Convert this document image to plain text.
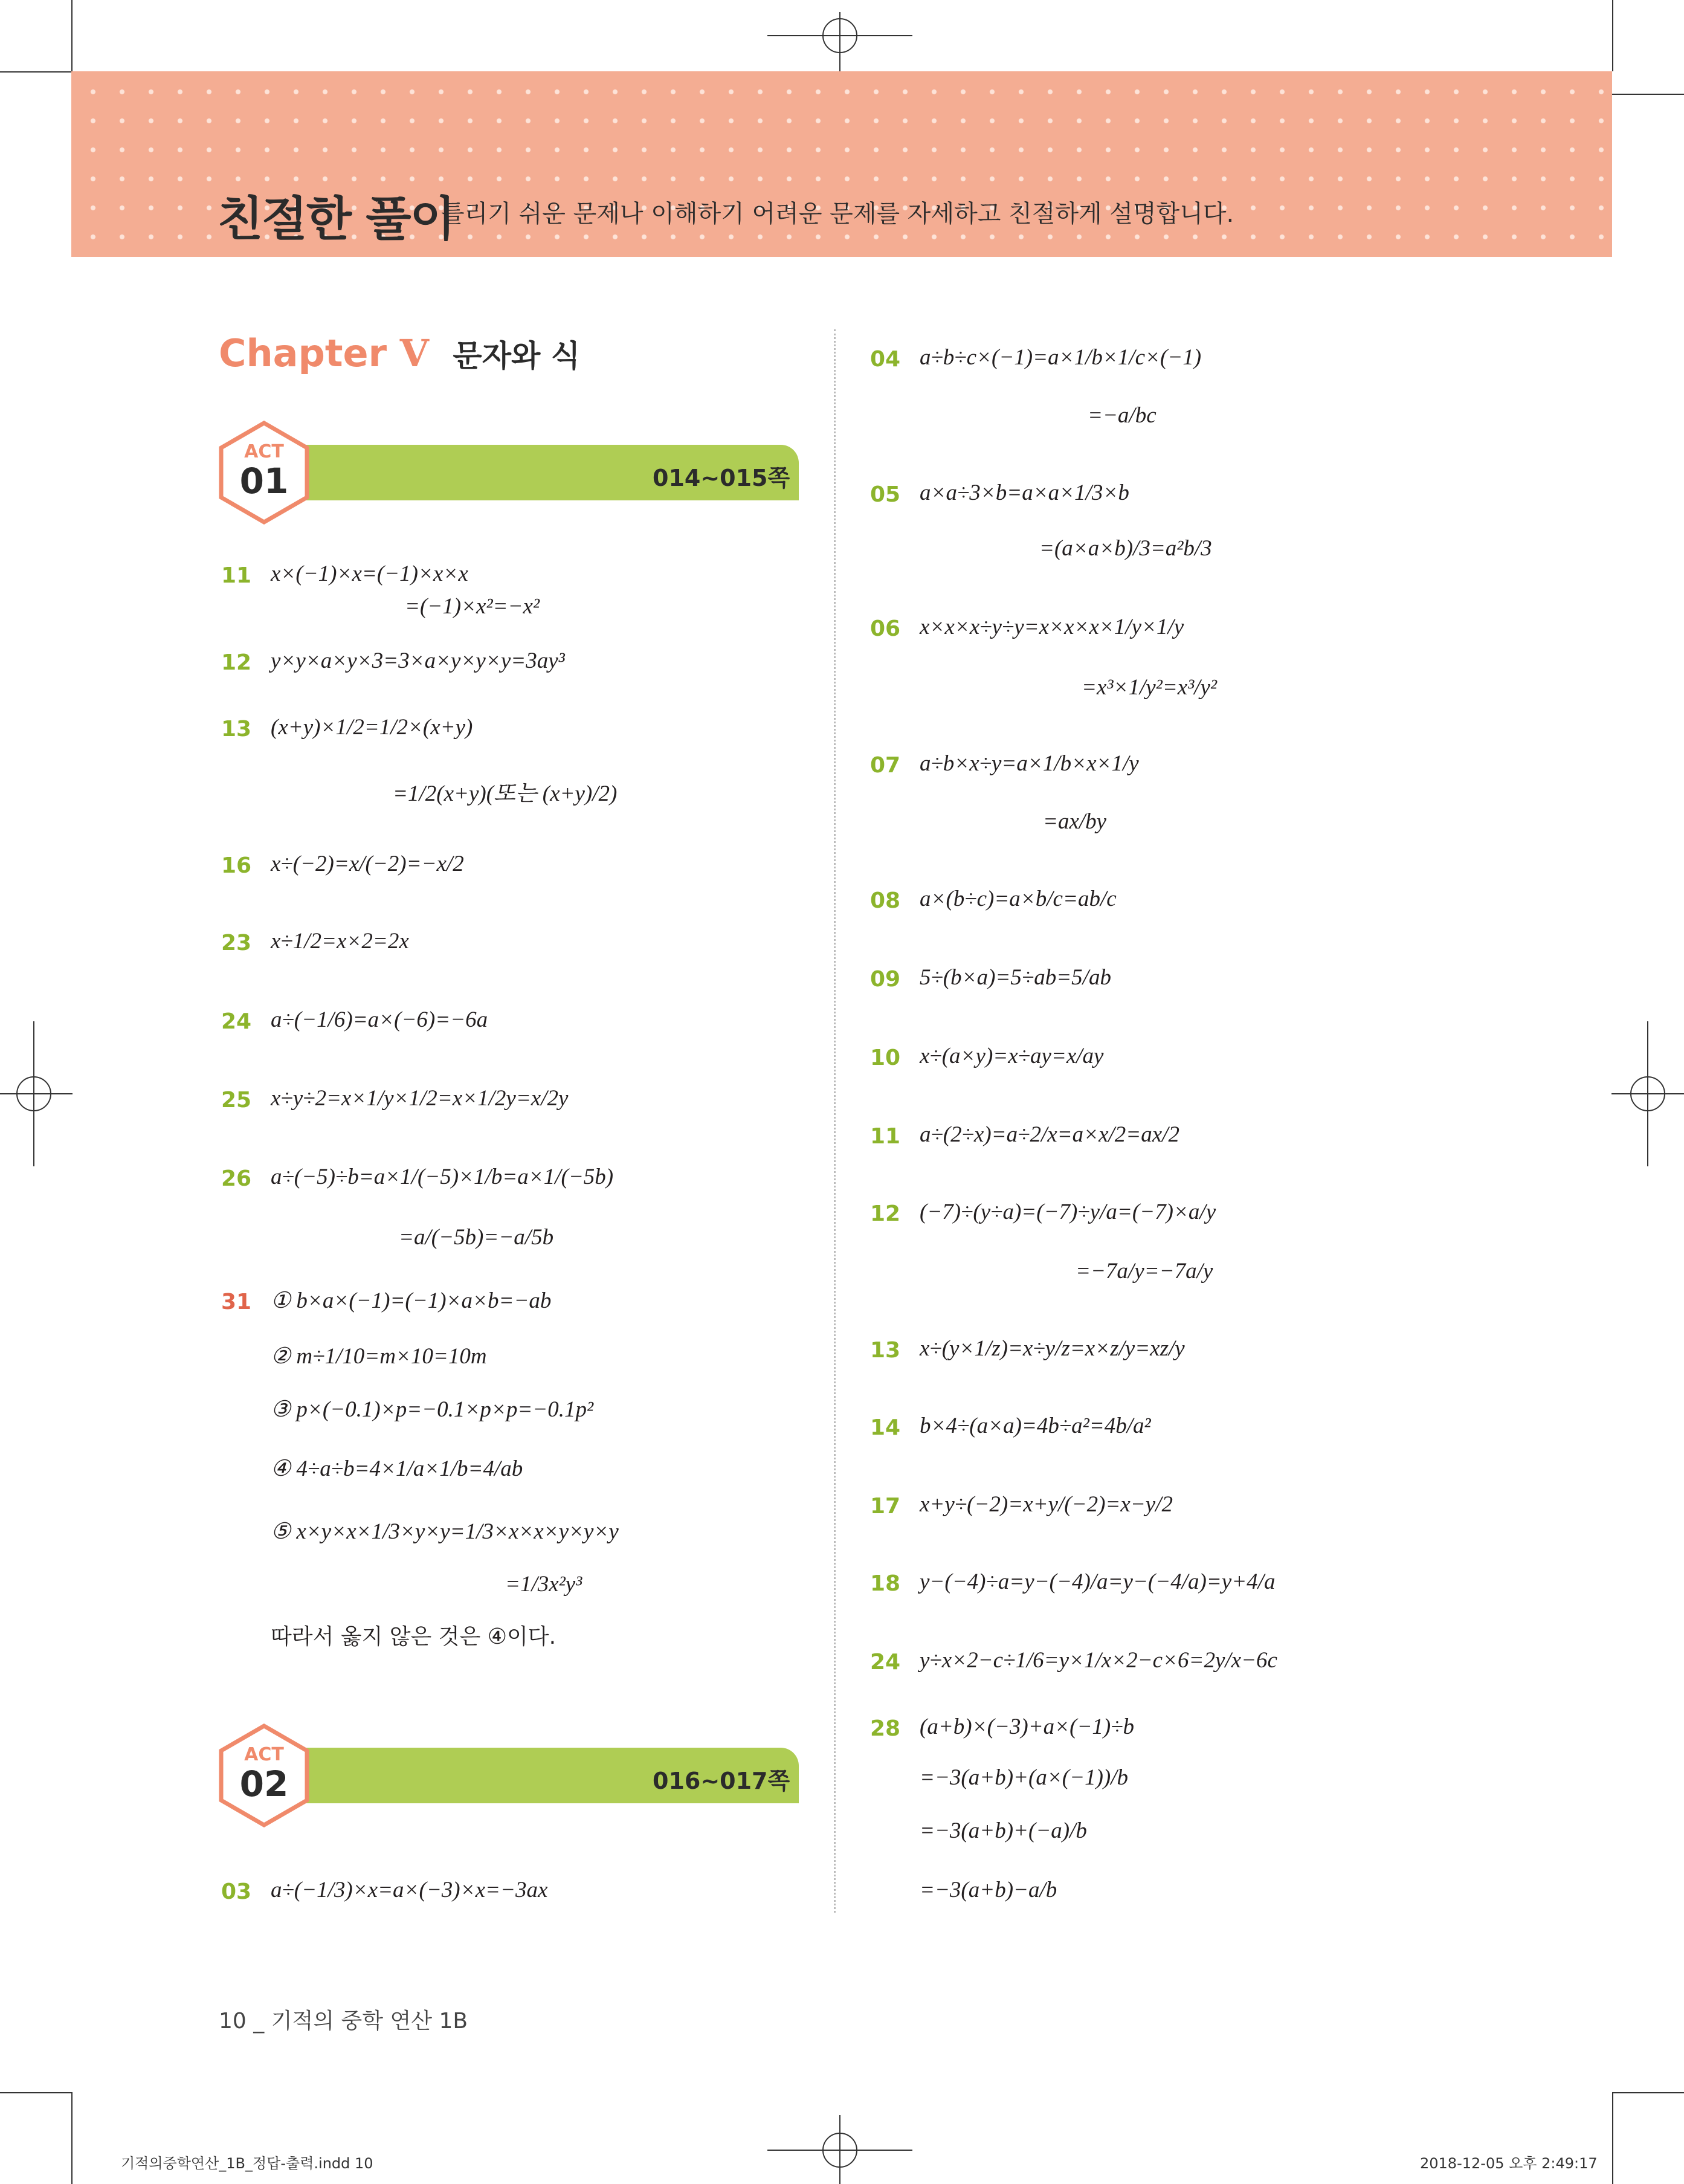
친절한 풀이
틀리기 쉬운 문제나 이해하기 어려운 문제를 자세하고 친절하게 설명합니다.
Chapter Ⅴ 문자와 식
014~015쪽
ACT
01
016~017쪽
ACT
02
11 x×(−1)×x=(−1)×x×x
=(−1)×x²=−x²
12 y×y×a×y×3=3×a×y×y×y=3ay³
13 (x+y)×1/2=1/2×(x+y)
=1/2(x+y)(또는 (x+y)/2)
16 x÷(−2)=x/(−2)=−x/2
23 x÷1/2=x×2=2x
24 a÷(−1/6)=a×(−6)=−6a
25 x÷y÷2=x×1/y×1/2=x×1/2y=x/2y
26 a÷(−5)÷b=a×1/(−5)×1/b=a×1/(−5b)
=a/(−5b)=−a/5b
31 ① b×a×(−1)=(−1)×a×b=−ab
② m÷1/10=m×10=10m
③ p×(−0.1)×p=−0.1×p×p=−0.1p²
④ 4÷a÷b=4×1/a×1/b=4/ab
⑤ x×y×x×1/3×y×y=1/3×x×x×y×y×y
=1/3x²y³
따라서 옳지 않은 것은 ④이다.
03 a÷(−1/3)×x=a×(−3)×x=−3ax
04 a÷b÷c×(−1)=a×1/b×1/c×(−1)
=−a/bc
05 a×a÷3×b=a×a×1/3×b
=(a×a×b)/3=a²b/3
06 x×x×x÷y÷y=x×x×x×1/y×1/y
=x³×1/y²=x³/y²
07 a÷b×x÷y=a×1/b×x×1/y
=ax/by
08 a×(b÷c)=a×b/c=ab/c
09 5÷(b×a)=5÷ab=5/ab
10 x÷(a×y)=x÷ay=x/ay
11 a÷(2÷x)=a÷2/x=a×x/2=ax/2
12 (−7)÷(y÷a)=(−7)÷y/a=(−7)×a/y
=−7a/y=−7a/y
13 x÷(y×1/z)=x÷y/z=x×z/y=xz/y
14 b×4÷(a×a)=4b÷a²=4b/a²
17 x+y÷(−2)=x+y/(−2)=x−y/2
18 y−(−4)÷a=y−(−4)/a=y−(−4/a)=y+4/a
24 y÷x×2−c÷1/6=y×1/x×2−c×6=2y/x−6c
28 (a+b)×(−3)+a×(−1)÷b
=−3(a+b)+(a×(−1))/b
=−3(a+b)+(−a)/b
=−3(a+b)−a/b
10 _ 기적의 중학 연산 1B
기적의중학연산_1B_정답-출력.indd 10	2018-12-05 오후 2:49:17
